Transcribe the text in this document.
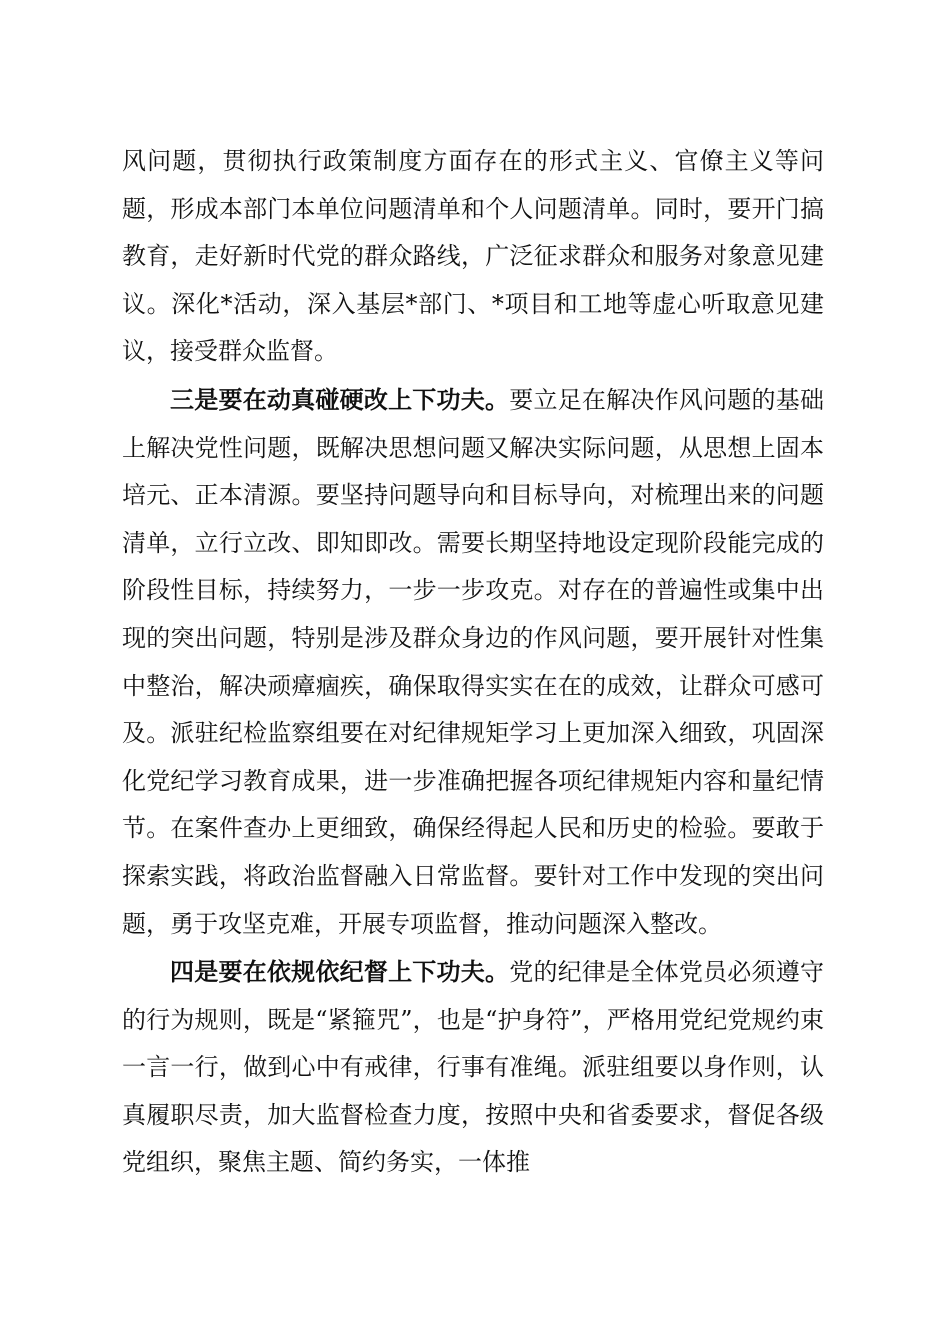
风问题，贯彻执行政策制度方面存在的形式主义、官僚主义等问题，形成本部门本单位问题清单和个人问题清单。同时，要开门搞教育，走好新时代党的群众路线，广泛征求群众和服务对象意见建议。深化*活动，深入基层*部门、*项目和工地等虚心听取意见建议，接受群众监督。

三是要在动真碰硬改上下功夫。要立足在解决作风问题的基础上解决党性问题，既解决思想问题又解决实际问题，从思想上固本培元、正本清源。要坚持问题导向和目标导向，对梳理出来的问题清单，立行立改、即知即改。需要长期坚持地设定现阶段能完成的阶段性目标，持续努力，一步一步攻克。对存在的普遍性或集中出现的突出问题，特别是涉及群众身边的作风问题，要开展针对性集中整治，解决顽瘴痼疾，确保取得实实在在的成效，让群众可感可及。派驻纪检监察组要在对纪律规矩学习上更加深入细致，巩固深化党纪学习教育成果，进一步准确把握各项纪律规矩内容和量纪情节。在案件查办上更细致，确保经得起人民和历史的检验。要敢于探索实践，将政治监督融入日常监督。要针对工作中发现的突出问题，勇于攻坚克难，开展专项监督，推动问题深入整改。

四是要在依规依纪督上下功夫。党的纪律是全体党员必须遵守的行为规则，既是“紧箍咒”，也是“护身符”，严格用党纪党规约束一言一行，做到心中有戒律，行事有准绳。派驻组要以身作则，认真履职尽责，加大监督检查力度，按照中央和省委要求，督促各级党组织，聚焦主题、简约务实，一体推
